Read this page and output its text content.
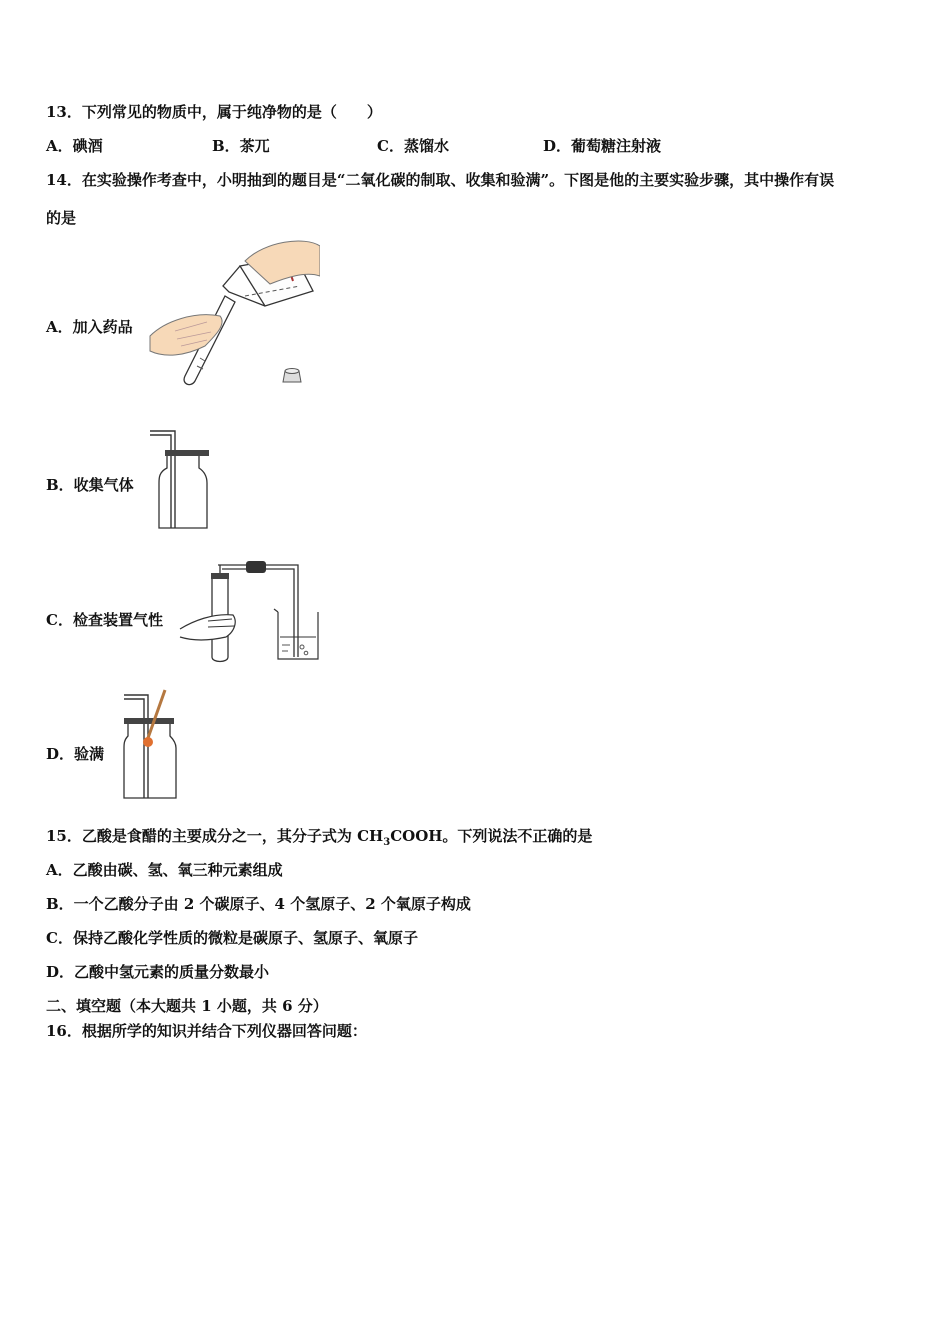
13．下列常见的物质中，属于纯净物的是（　　）
A．碘酒	B．茶兀	C．蒸馏水	D．葡萄糖注射液
14．在实验操作考查中，小明抽到的题目是“二氧化碳的制取、收集和验满”。下图是他的主要实验步骤，其中操作有误
的是
A．加入药品
B．收集气体
C．检查装置气性
D．验满
15．乙酸是食醋的主要成分之一，其分子式为 $CH_3COOH$。下列说法不正确的是
A．乙酸由碳、氢、氧三种元素组成
B．一个乙酸分子由 2 个碳原子、4 个氢原子、2 个氧原子构成
C．保持乙酸化学性质的微粒是碳原子、氢原子、氧原子
D．乙酸中氢元素的质量分数最小
二、填空题（本大题共 1 小题，共 6 分）
16．根据所学的知识并结合下列仪器回答问题：
